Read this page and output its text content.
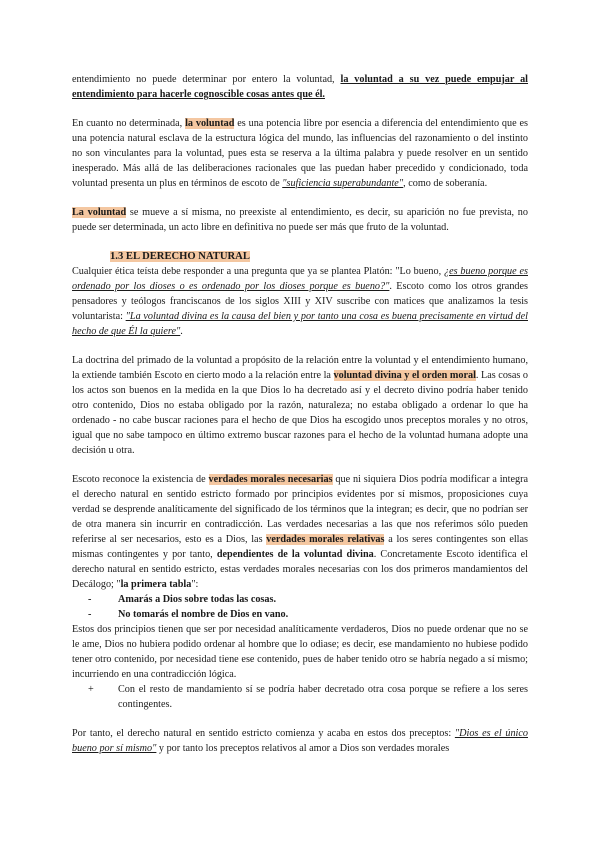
entendimiento no puede determinar por entero la voluntad, la voluntad a su vez puede empujar al entendimiento para hacerle cognoscible cosas antes que él.

En cuanto no determinada, la voluntad es una potencia libre por esencia a diferencia del entendimiento que es una potencia natural esclava de la estructura lógica del mundo, las influencias del razonamiento o del instinto no son vinculantes para la voluntad, pues esta se reserva a la última palabra y puede resolver en un sentido inesperado. Más allá de las deliberaciones racionales que las puedan haber precedido y condicionado, toda voluntad presenta un plus en términos de escoto de "suficiencia superabundante", como de soberanía.

La voluntad se mueve a sí misma, no preexiste al entendimiento, es decir, su aparición no fue prevista, no puede ser determinada, un acto libre en definitiva no puede ser más que fruto de la voluntad.

1.3 EL DERECHO NATURAL

Cualquier ética teísta debe responder a una pregunta que ya se plantea Platón: "Lo bueno, ¿es bueno porque es ordenado por los dioses o es ordenado por los dioses porque es bueno?". Escoto como los otros grandes pensadores y teólogos franciscanos de los siglos XIII y XIV suscribe con matices que analizamos la tesis voluntarista: "La voluntad divina es la causa del bien y por tanto una cosa es buena precisamente en virtud del hecho de que Él la quiere".

La doctrina del primado de la voluntad a propósito de la relación entre la voluntad y el entendimiento humano, la extiende también Escoto en cierto modo a la relación entre la voluntad divina y el orden moral. Las cosas o los actos son buenos en la medida en la que Dios lo ha decretado así y el decreto divino podría haber tenido otro contenido, Dios no estaba obligado por la razón, naturaleza; no estaba obligado a ordenar lo que ha ordenado - no cabe buscar raciones para el hecho de que Dios ha escogido unos preceptos morales y no otros, igual que no sabe tampoco en último extremo buscar razones para el hecho de la voluntad humana adopte una decisión u otra.

Escoto reconoce la existencia de verdades morales necesarias que ni siquiera Dios podría modificar a integra el derecho natural en sentido estricto formado por principios evidentes por sí mismos, proposiciones cuya verdad se desprende analíticamente del significado de los términos que la integran; es decir, que no podrían ser de otra manera sin incurrir en contradicción. Las verdades necesarias a las que nos referimos sólo pueden referirse al ser necesarios, esto es a Dios, las verdades morales relativas a los seres contingentes son ellas mismas contingentes y por tanto, dependientes de la voluntad divina. Concretamente Escoto identifica el derecho natural en sentido estricto, estas verdades morales necesarias con los dos primeros mandamientos del Decálogo; "la primera tabla":

- Amarás a Dios sobre todas las cosas.
- No tomarás el nombre de Dios en vano.

Estos dos principios tienen que ser por necesidad analíticamente verdaderos, Dios no puede ordenar que no se le ame, Dios no hubiera podido ordenar al hombre que lo odiase; es decir, ese mandamiento no hubiese podido tener otro contenido, por necesidad tiene ese contenido, pues de haber tenido otro se habría negado a sí mismo; incurriendo en una contradicción lógica.

+ Con el resto de mandamiento sí se podría haber decretado otra cosa porque se refiere a los seres contingentes.

Por tanto, el derecho natural en sentido estricto comienza y acaba en estos dos preceptos: "Dios es el único bueno por sí mismo" y por tanto los preceptos relativos al amor a Dios son verdades morales
